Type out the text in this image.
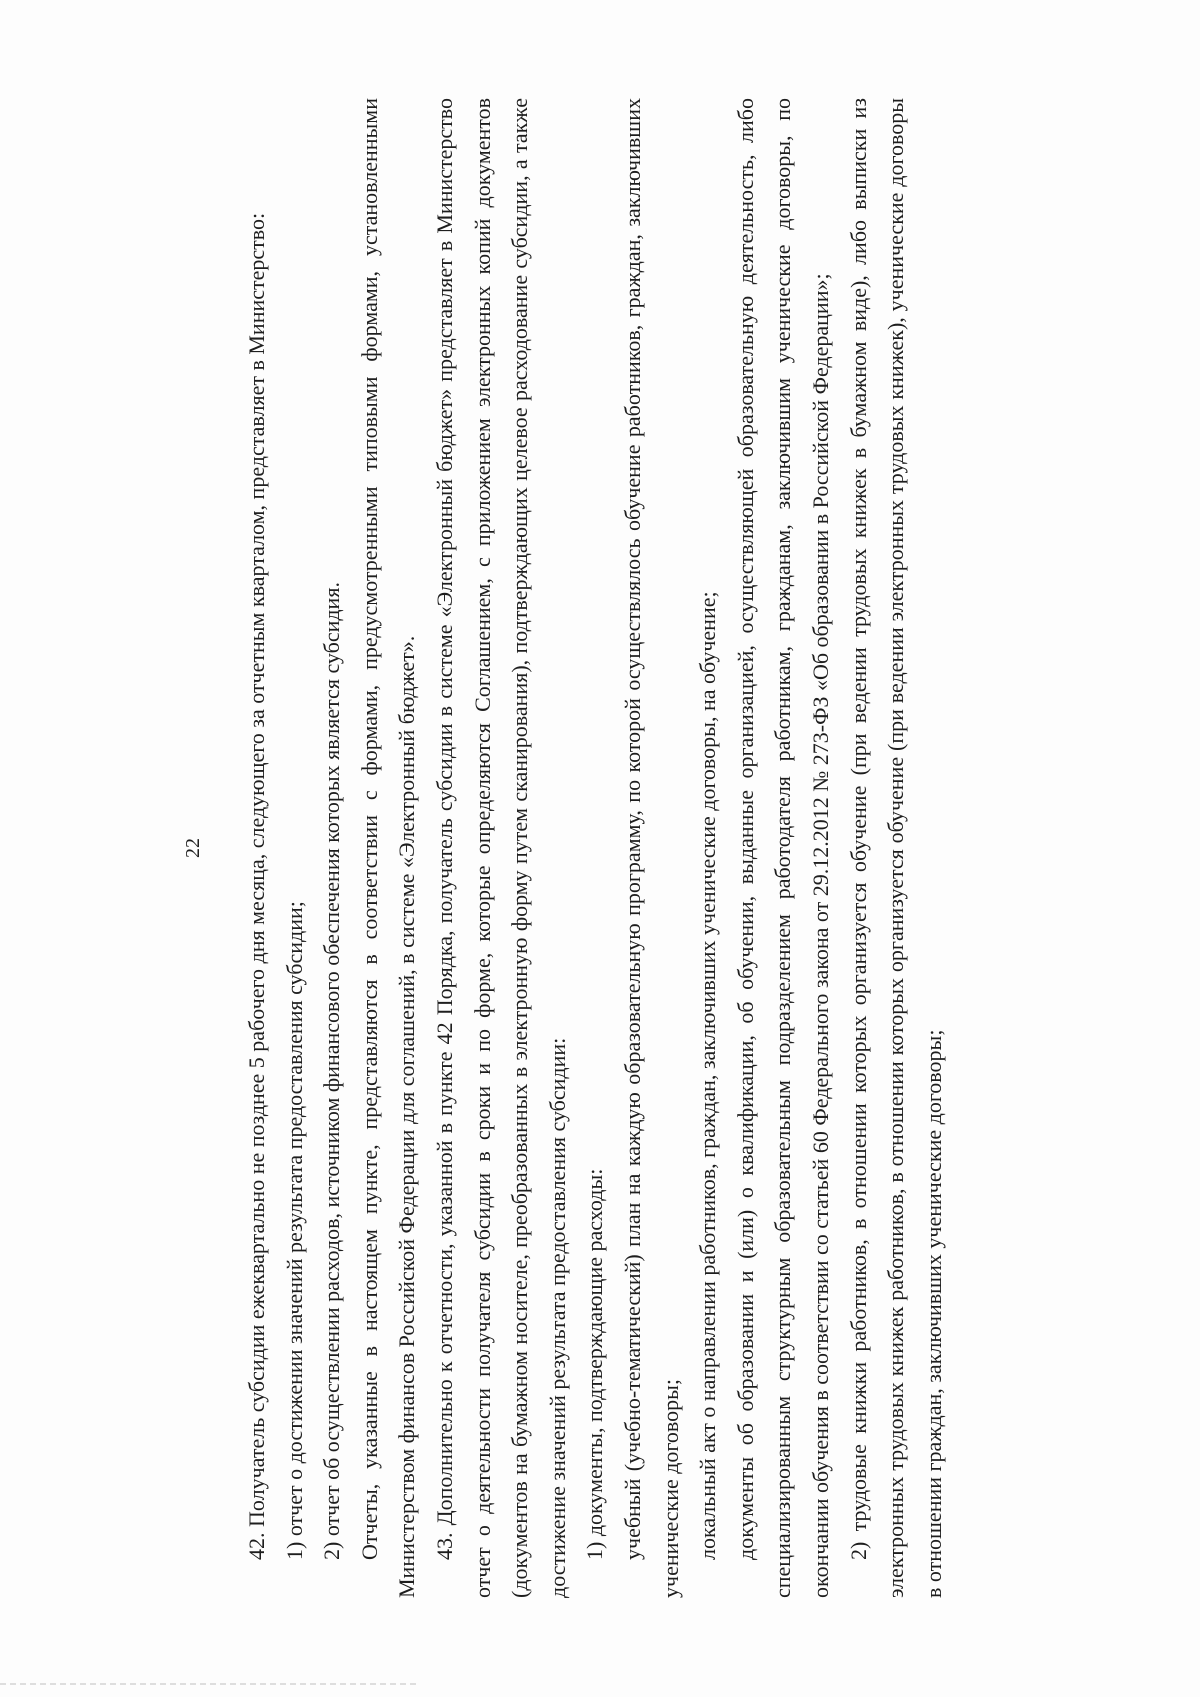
22	42. Получатель субсидии ежеквартально не позднее 5 рабочего дня месяца, следующего за отчетным кварталом, представляет в Министерство: 1) отчет о достижении значений результата предоставления субсидии; 2) отчет об осуществлении расходов, источником финансового обеспечения которых является субсидия. Отчеты, указанные в настоящем пункте, представляются в соответствии с формами, предусмотренными типовыми формами, установленными Министерством финансов Российской Федерации для соглашений, в системе «Электронный бюджет». 43. Дополнительно к отчетности, указанной в пункте 42 Порядка, получатель субсидии в системе «Электронный бюджет» представляет в Министерство отчет о деятельности получателя субсидии в сроки и по форме, которые определяются Соглашением, с приложением электронных копий документов (документов на бумажном носителе, преобразованных в электронную форму путем сканирования), подтверждающих целевое расходование субсидии, а также достижение значений результата предоставления субсидии: 1) документы, подтверждающие расходы: учебный (учебно-тематический) план на каждую образовательную программу, по которой осуществлялось обучение работников, граждан, заключивших ученические договоры; локальный акт о направлении работников, граждан, заключивших ученические договоры, на обучение; документы об образовании и (или) о квалификации, об обучении, выданные организацией, осуществляющей образовательную деятельность, либо специализированным структурным образовательным подразделением работодателя работникам, гражданам, заключившим ученические договоры, по окончании обучения в соответствии со статьей 60 Федерального закона от 29.12.2012 № 273-ФЗ «Об образовании в Российской Федерации»; 2) трудовые книжки работников, в отношении которых организуется обучение (при ведении трудовых книжек в бумажном виде), либо выписки из электронных трудовых книжек работников, в отношении которых организуется обучение (при ведении электронных трудовых книжек), ученические договоры в отношении граждан, заключивших ученические договоры;
